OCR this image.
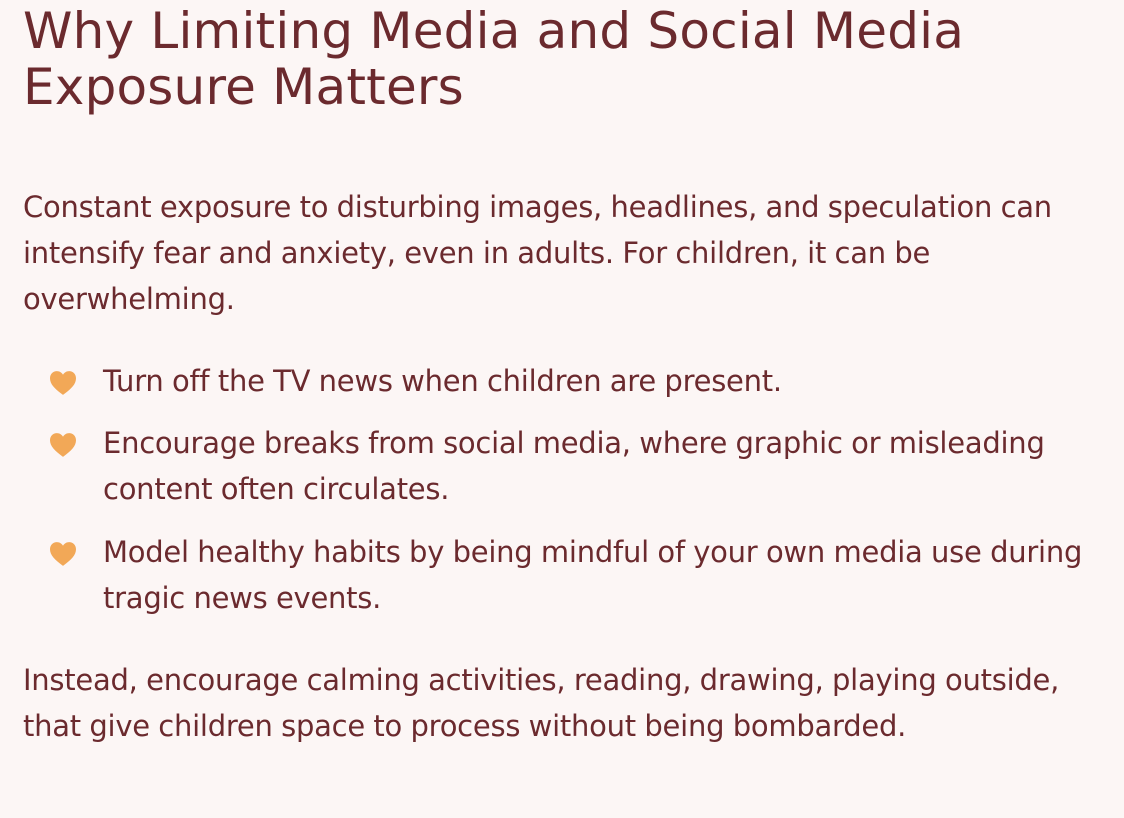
Why Limiting Media and Social Media Exposure Matters

Constant exposure to disturbing images, headlines, and speculation can intensify fear and anxiety, even in adults. For children, it can be overwhelming.

Turn off the TV news when children are present.
Encourage breaks from social media, where graphic or misleading content often circulates.
Model healthy habits by being mindful of your own media use during tragic news events.

Instead, encourage calming activities, reading, drawing, playing outside, that give children space to process without being bombarded.
